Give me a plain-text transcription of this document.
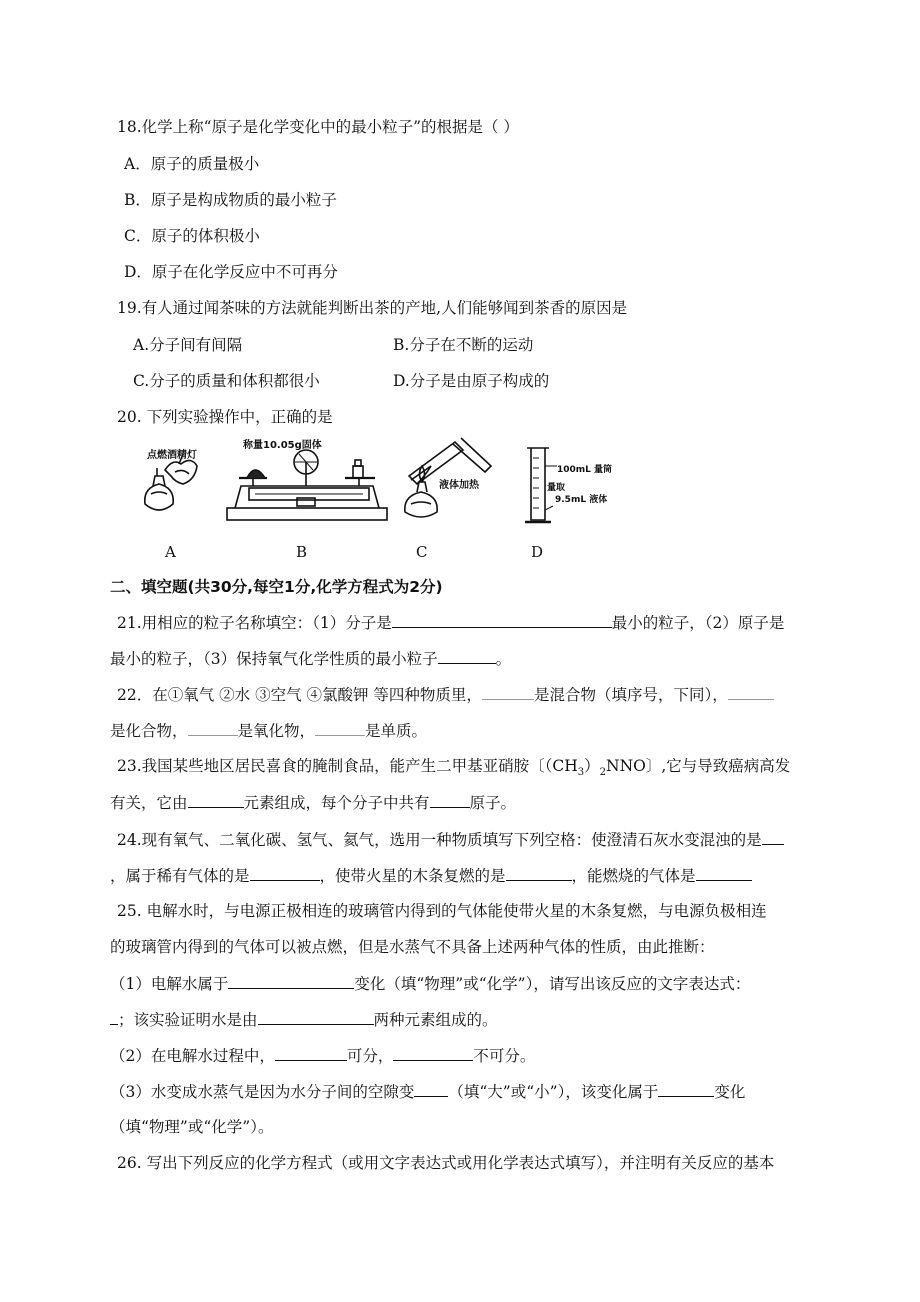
18.化学上称“原子是化学变化中的最小粒子”的根据是（ ）
A．原子的质量极小
B．原子是构成物质的最小粒子
C．原子的体积极小
D．原子在化学反应中不可再分
19.有人通过闻茶味的方法就能判断出茶的产地,人们能够闻到茶香的原因是
A.分子间有间隔	B.分子在不断的运动
C.分子的质量和体积都很小	D.分子是由原子构成的
20. 下列实验操作中，正确的是
点燃酒精灯
称量10.05g固体
液体加热
100mL 量筒
量取
9.5mL 液体
A	B	C	D
二、填空题(共30分,每空1分,化学方程式为2分)
21.用相应的粒子名称填空：（1）分子是	最小的粒子，（2）原子是
最小的粒子，（3）保持氧气化学性质的最小粒子	。
22．在①氧气 ②水 ③空气 ④氯酸钾 等四种物质里，	是混合物（填序号，下同），
是化合物，	是氧化物，	是单质。
23.我国某些地区居民喜食的腌制食品，能产生二甲基亚硝胺〔$(CH_3)_2NNO$〕,它与导致癌病高发
有关，它由	元素组成，每个分子中共有	原子。
24.现有氧气、二氧化碳、氢气、氦气，选用一种物质填写下列空格：使澄清石灰水变混浊的是
，属于稀有气体的是	，使带火星的木条复燃的是	，能燃烧的气体是
25. 电解水时，与电源正极相连的玻璃管内得到的气体能使带火星的木条复燃，与电源负极相连
的玻璃管内得到的气体可以被点燃，但是水蒸气不具备上述两种气体的性质，由此推断：
（1）电解水属于	变化（填“物理”或“化学”），请写出该反应的文字表达式：
；该实验证明水是由	两种元素组成的。
（2）在电解水过程中，	可分，	不可分。
（3）水变成水蒸气是因为水分子间的空隙变 （填“大”或“小”），该变化属于	变化
（填“物理”或“化学”）。
26. 写出下列反应的化学方程式（或用文字表达式或用化学表达式填写），并注明有关反应的基本
